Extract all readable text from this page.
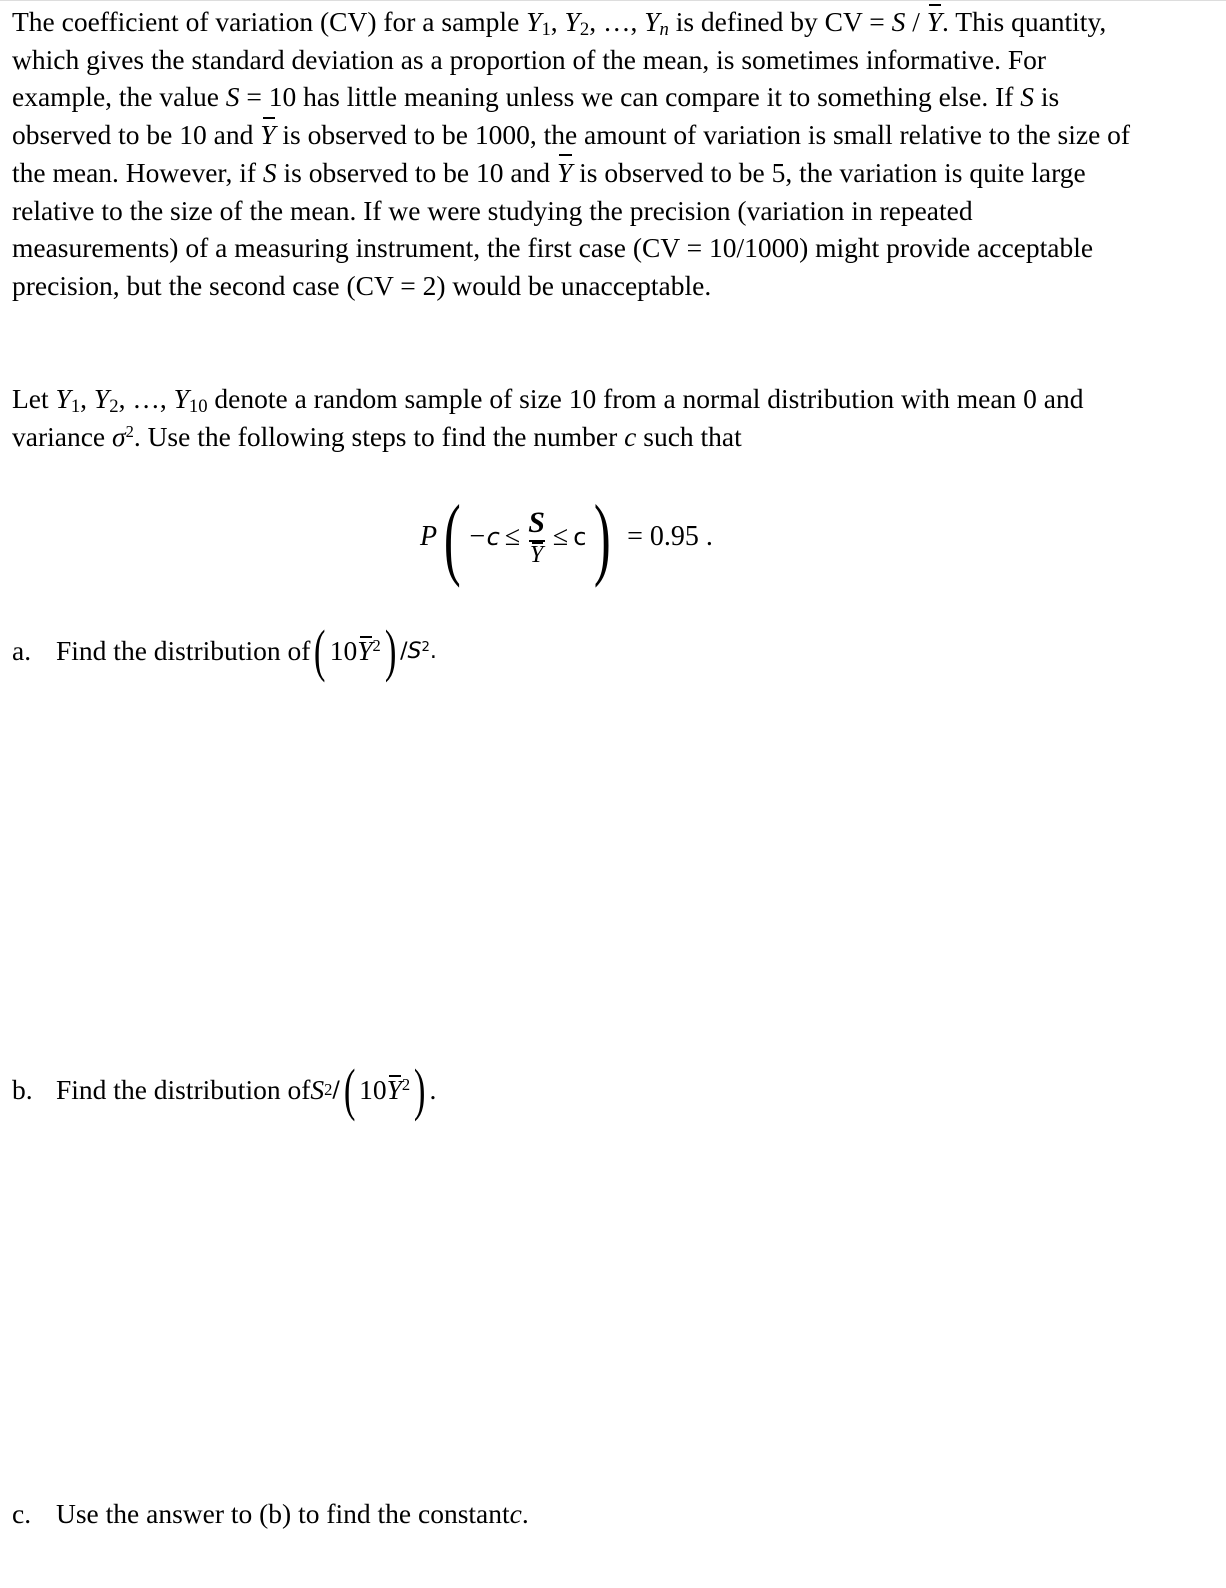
The coefficient of variation (CV) for a sample $Y_1$, $Y_2$, …, $Y_n$ is defined by CV = S / Y. This quantity, which gives the standard deviation as a proportion of the mean, is sometimes informative. For example, the value S = 10 has little meaning unless we can compare it to something else. If S is observed to be 10 and Y is observed to be 1000, the amount of variation is small relative to the size of the mean. However, if S is observed to be 10 and Y is observed to be 5, the variation is quite large relative to the size of the mean. If we were studying the precision (variation in repeated measurements) of a measuring instrument, the first case (CV = 10/1000) might provide acceptable precision, but the second case (CV = 2) would be unacceptable.

Let $Y_1$, $Y_2$, …, $Y_{10}$ denote a random sample of size 10 from a normal distribution with mean 0 and variance $\sigma^2$. Use the following steps to find the number c such that

P ( $-c \le \frac{S}{Y} \le c$ ) = 0.95 .
a. Find the distribution of ( $10Y^2$ ) $/S^2$.
b. Find the distribution of S 2 / ( $10Y^2$ ) .
c. Use the answer to (b) to find the constant c .
